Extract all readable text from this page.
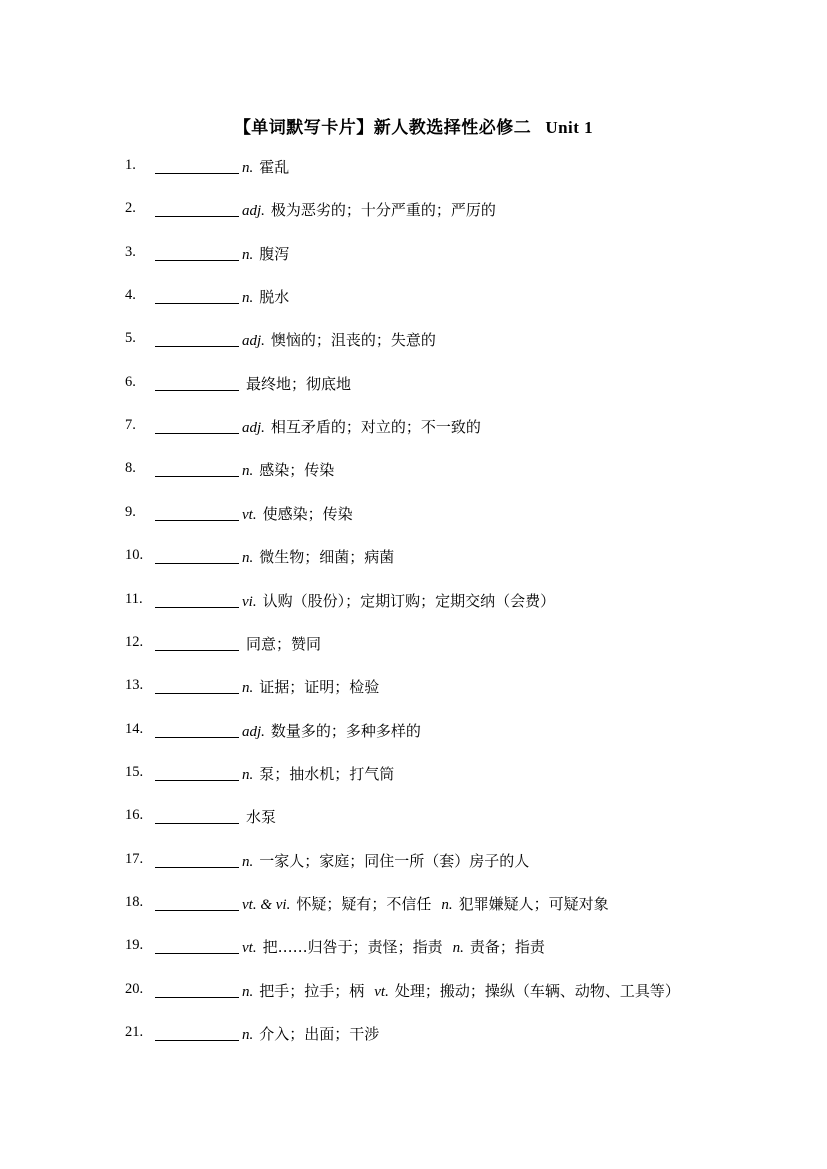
【单词默写卡片】新人教选择性必修二 Unit 1
1.	n. 霍乱
2.	adj. 极为恶劣的；十分严重的；严厉的
3.	n. 腹泻
4.	n. 脱水
5.	adj. 懊恼的；沮丧的；失意的
6.	最终地；彻底地
7.	adj. 相互矛盾的；对立的；不一致的
8.	n. 感染；传染
9.	vt. 使感染；传染
10.	n. 微生物；细菌；病菌
11.	vi. 认购（股份）；定期订购；定期交纳（会费）
12.	同意；赞同
13.	n. 证据；证明；检验
14.	adj. 数量多的；多种多样的
15.	n. 泵；抽水机；打气筒
16.	水泵
17.	n. 一家人；家庭；同住一所（套）房子的人
18.	vt. & vi. 怀疑；疑有；不信任 n. 犯罪嫌疑人；可疑对象
19.	vt. 把……归咎于；责怪；指责 n. 责备；指责
20.	n. 把手；拉手；柄 vt. 处理；搬动；操纵（车辆、动物、工具等）
21.	n. 介入；出面；干涉
